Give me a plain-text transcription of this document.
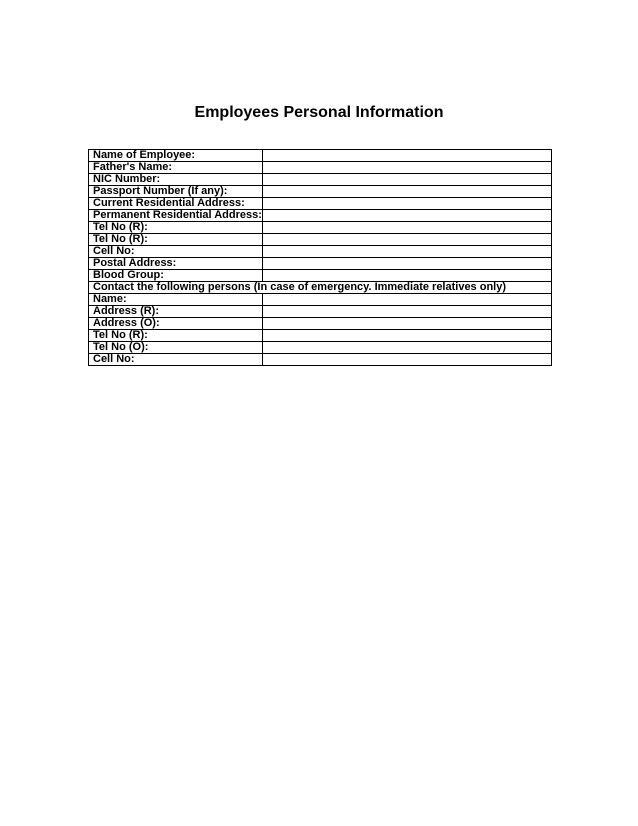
Employees Personal Information
Name of Employee:	
Father's Name:	
NIC Number:	
Passport Number (If any):	
Current Residential Address:	
Permanent Residential Address:	
Tel No (R):	
Tel No (R):	
Cell No:	
Postal Address:	
Blood Group:	
Contact the following persons (In case of emergency. Immediate relatives only)	
Name:	
Address (R):	
Address (O):	
Tel No (R):	
Tel No (O):	
Cell No:	
